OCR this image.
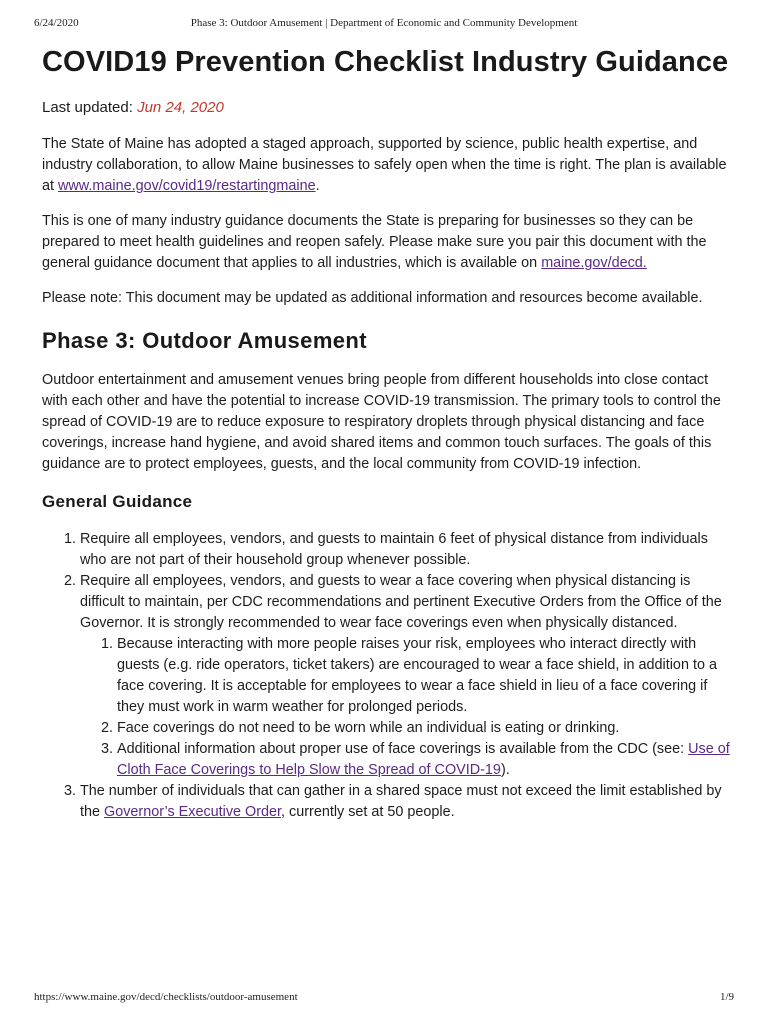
6/24/2020	Phase 3: Outdoor Amusement | Department of Economic and Community Development
COVID19 Prevention Checklist Industry Guidance
Last updated: Jun 24, 2020

The State of Maine has adopted a staged approach, supported by science, public health expertise, and industry collaboration, to allow Maine businesses to safely open when the time is right. The plan is available at www.maine.gov/covid19/restartingmaine.

This is one of many industry guidance documents the State is preparing for businesses so they can be prepared to meet health guidelines and reopen safely. Please make sure you pair this document with the general guidance document that applies to all industries, which is available on maine.gov/decd.

Please note: This document may be updated as additional information and resources become available.

Phase 3: Outdoor Amusement

Outdoor entertainment and amusement venues bring people from different households into close contact with each other and have the potential to increase COVID-19 transmission. The primary tools to control the spread of COVID-19 are to reduce exposure to respiratory droplets through physical distancing and face coverings, increase hand hygiene, and avoid shared items and common touch surfaces. The goals of this guidance are to protect employees, guests, and the local community from COVID-19 infection.

General Guidance
1. Require all employees, vendors, and guests to maintain 6 feet of physical distance from individuals who are not part of their household group whenever possible.
2. Require all employees, vendors, and guests to wear a face covering when physical distancing is difficult to maintain, per CDC recommendations and pertinent Executive Orders from the Office of the Governor. It is strongly recommended to wear face coverings even when physically distanced.
1. Because interacting with more people raises your risk, employees who interact directly with guests (e.g. ride operators, ticket takers) are encouraged to wear a face shield, in addition to a face covering. It is acceptable for employees to wear a face shield in lieu of a face covering if they must work in warm weather for prolonged periods.
2. Face coverings do not need to be worn while an individual is eating or drinking.
3. Additional information about proper use of face coverings is available from the CDC (see: Use of Cloth Face Coverings to Help Slow the Spread of COVID-19).
3. The number of individuals that can gather in a shared space must not exceed the limit established by the Governor’s Executive Order, currently set at 50 people.
https://www.maine.gov/decd/checklists/outdoor-amusement	1/9
